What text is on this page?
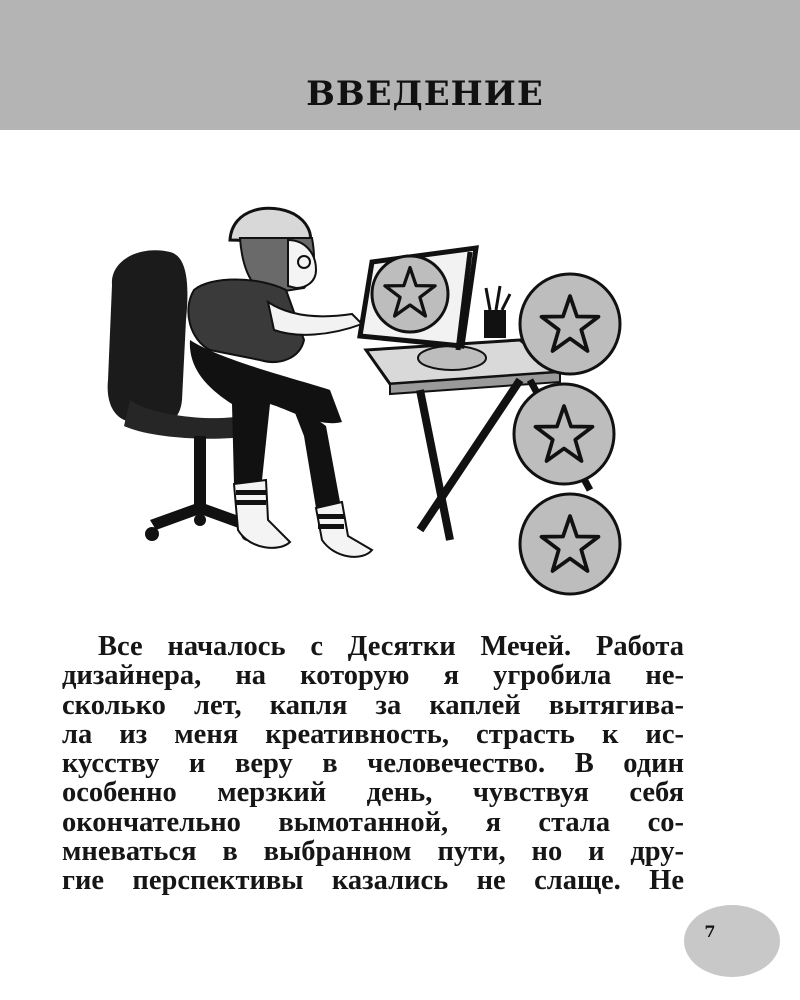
ВВЕДЕНИЕ
Все началось с Десятки Мечей. Работа
дизайнера, на которую я угробила не-
сколько лет, капля за каплей вытягива-
ла из меня креативность, страсть к ис-
кусству и веру в человечество. В один
особенно мерзкий день, чувствуя себя
окончательно вымотанной, я стала со-
мневаться в выбранном пути, но и дру-
гие перспективы казались не слаще. Не
7
